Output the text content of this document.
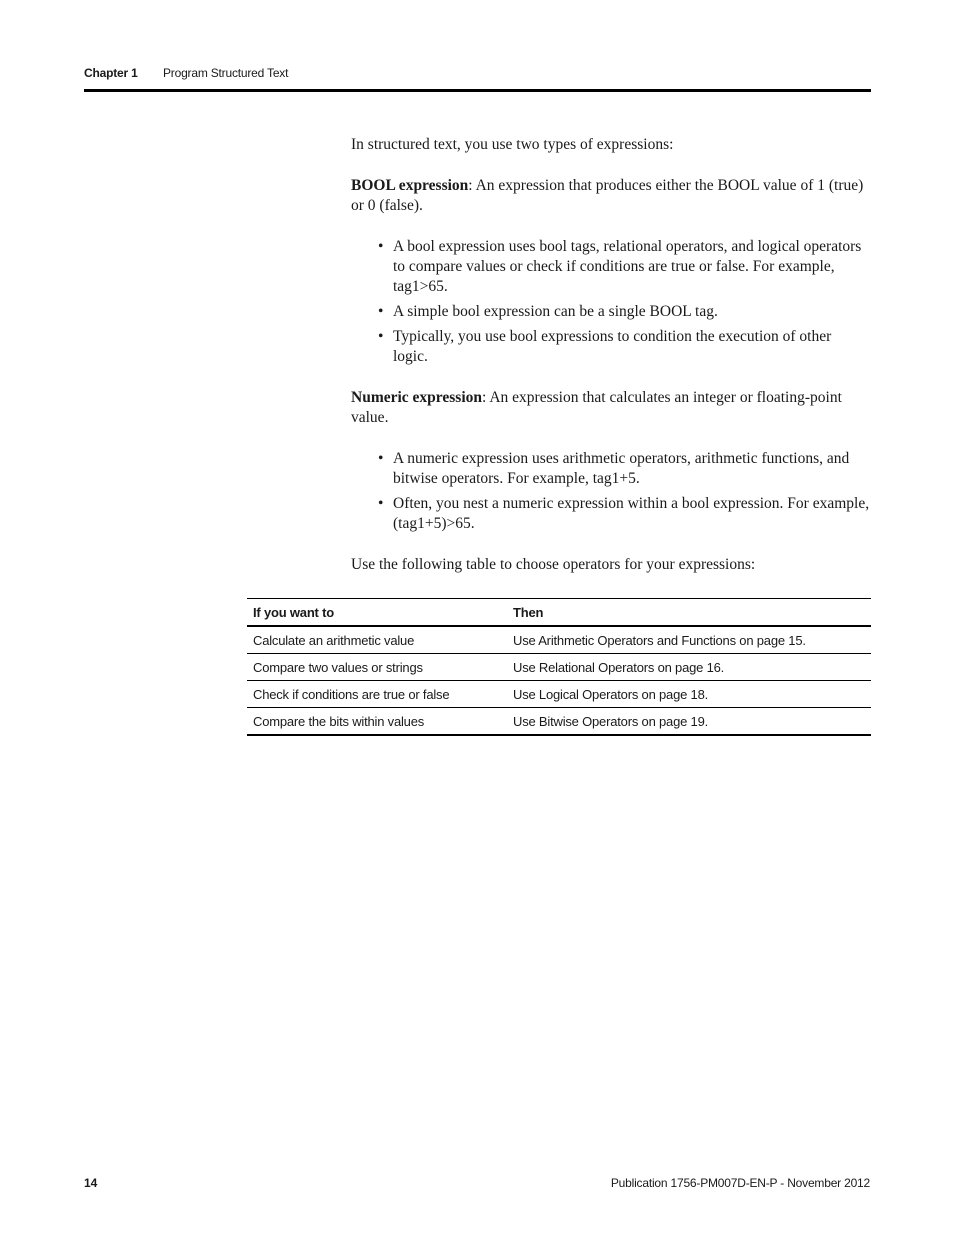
Chapter 1 Program Structured Text
In structured text, you use two types of expressions:
BOOL expression: An expression that produces either the BOOL value of 1 (true) or 0 (false).
• A bool expression uses bool tags, relational operators, and logical operators to compare values or check if conditions are true or false. For example, tag1>65.
• A simple bool expression can be a single BOOL tag.
• Typically, you use bool expressions to condition the execution of other logic.
Numeric expression: An expression that calculates an integer or floating-point value.
• A numeric expression uses arithmetic operators, arithmetic functions, and bitwise operators. For example, tag1+5.
• Often, you nest a numeric expression within a bool expression. For example, (tag1+5)>65.
Use the following table to choose operators for your expressions:
If you want to	Then
Calculate an arithmetic value	Use Arithmetic Operators and Functions on page 15.
Compare two values or strings	Use Relational Operators on page 16.
Check if conditions are true or false	Use Logical Operators on page 18.
Compare the bits within values	Use Bitwise Operators on page 19.
14	Publication 1756-PM007D-EN-P - November 2012
